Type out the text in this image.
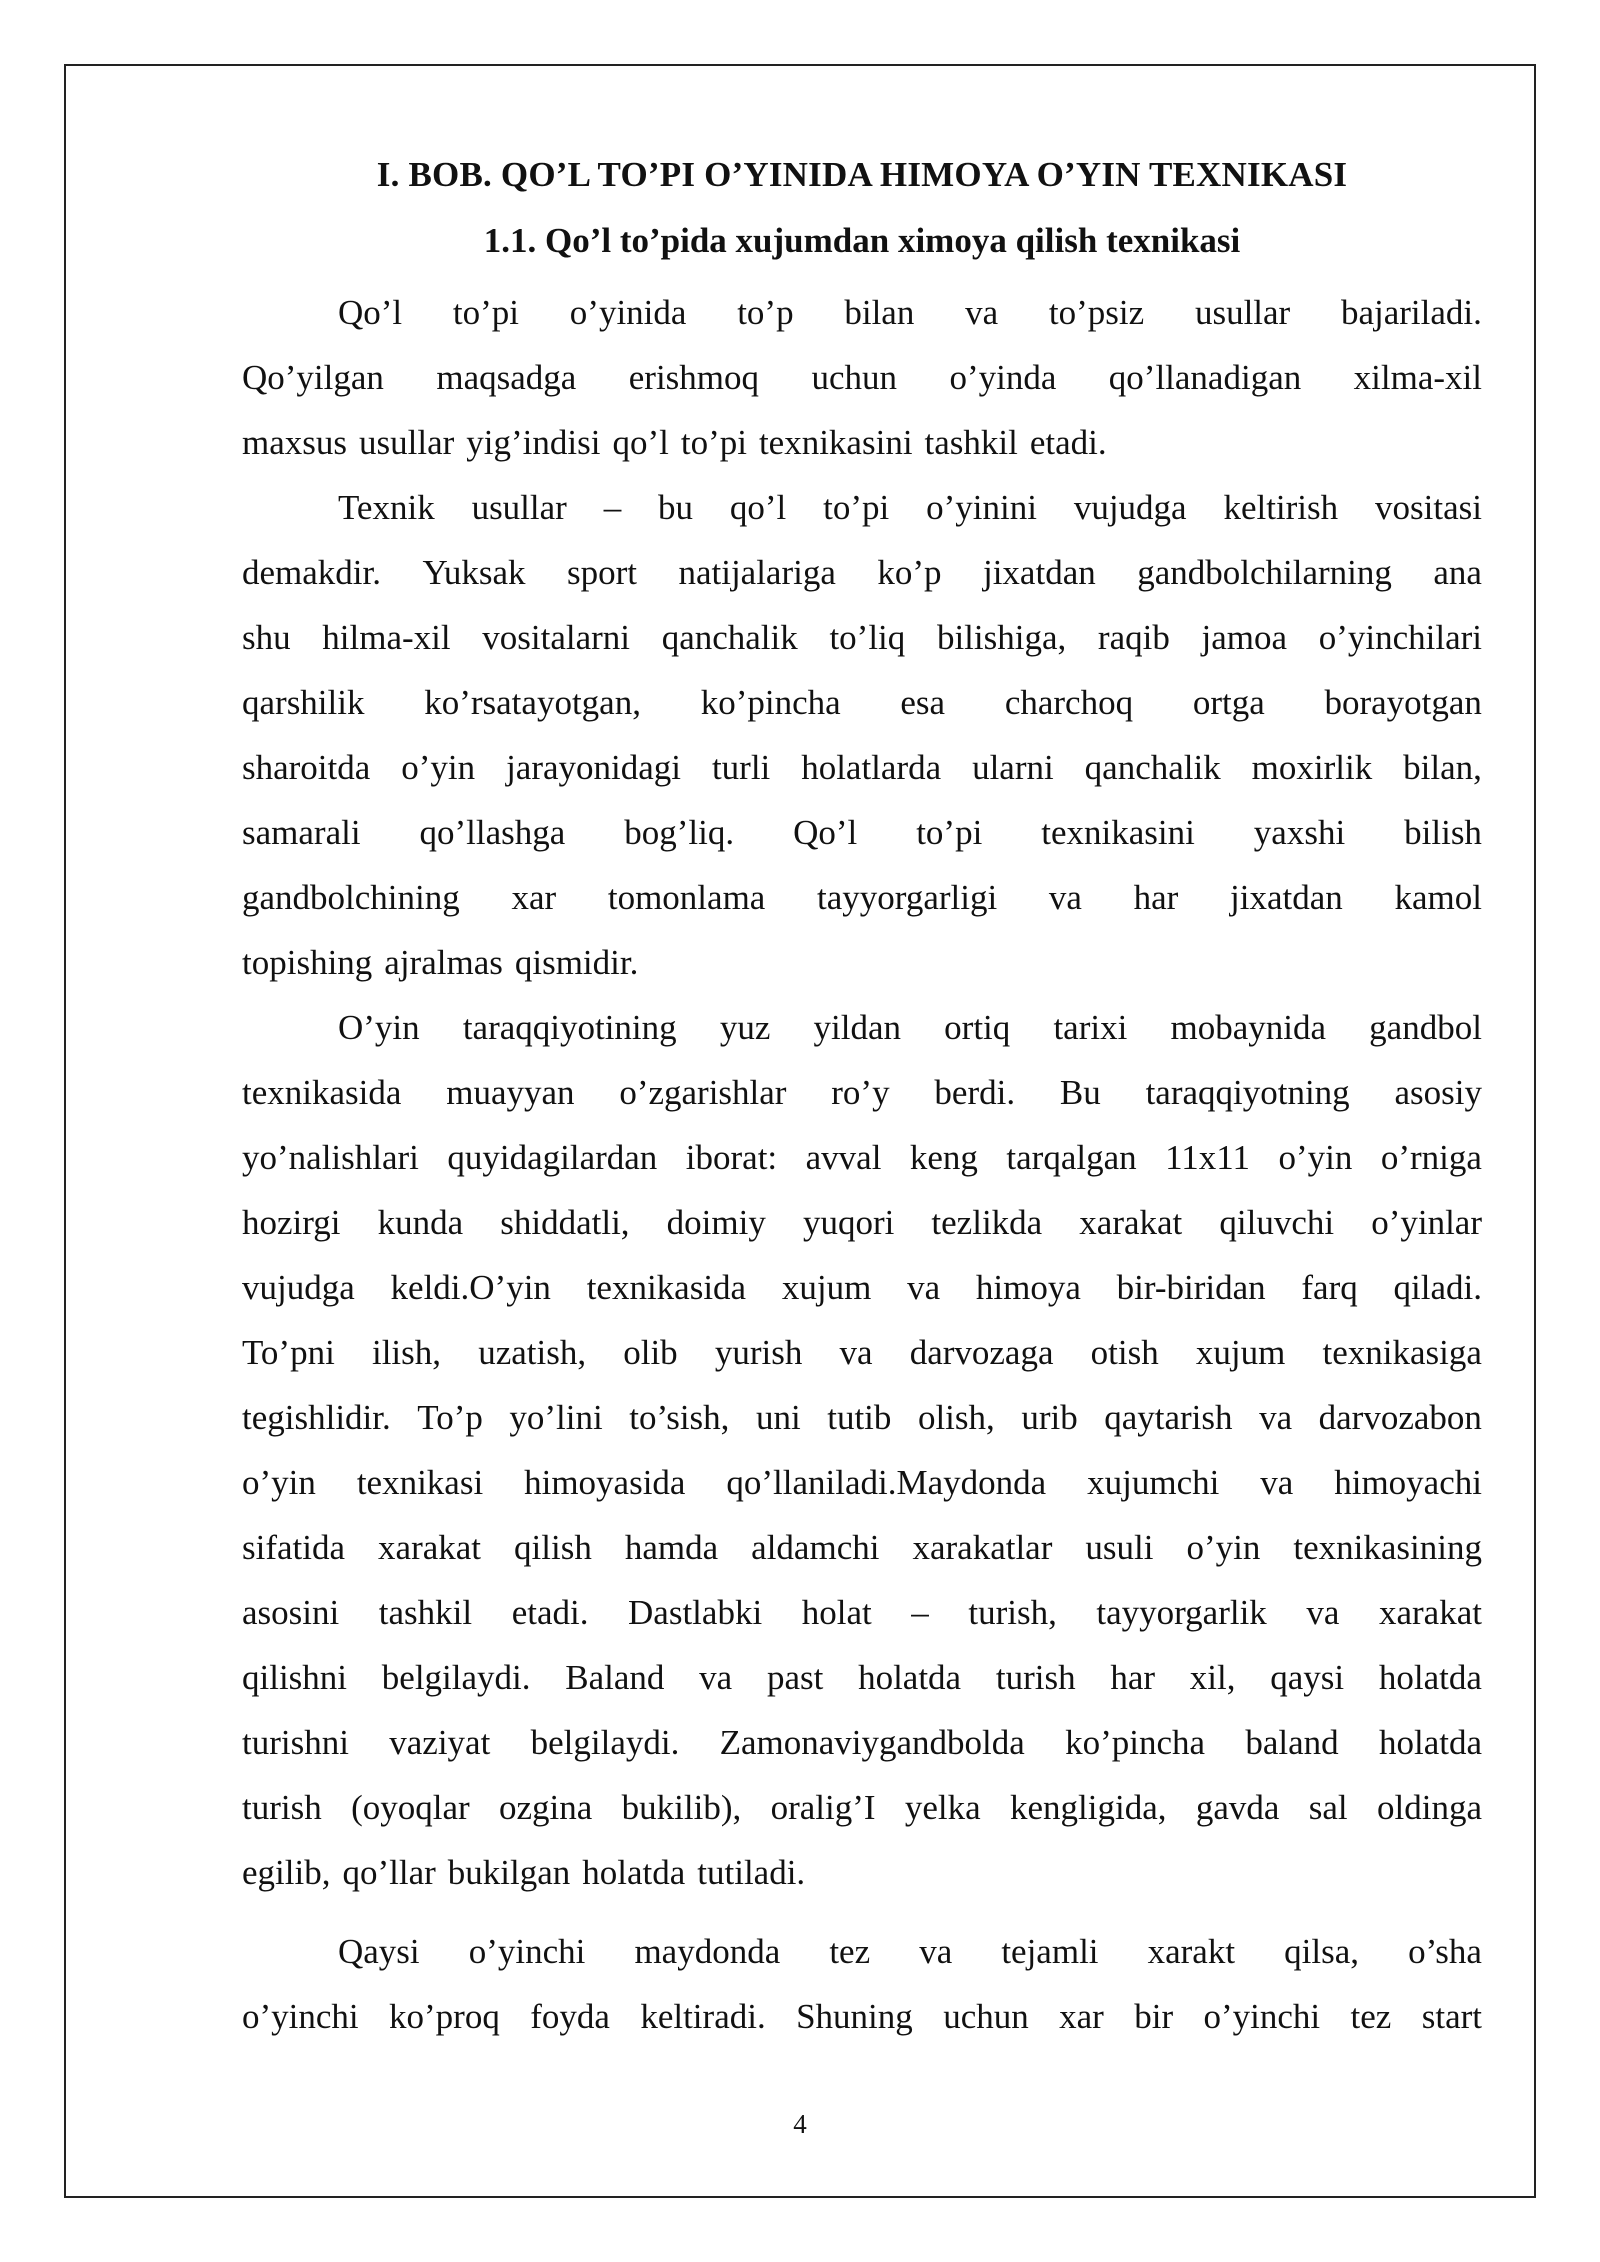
I. BOB. QO’L TO’PI O’YINIDA HIMOYA O’YIN TEXNIKASI
1.1. Qo’l to’pida xujumdan ximoya qilish texnikasi
Qo’l to’pi o’yinida to’p bilan va to’psiz usullar bajariladi.
Qo’yilgan maqsadga erishmoq uchun o’yinda qo’llanadigan xilma-xil
maxsus usullar yig’indisi qo’l to’pi texnikasini tashkil etadi.
Texnik usullar – bu qo’l to’pi o’yinini vujudga keltirish vositasi
demakdir. Yuksak sport natijalariga ko’p jixatdan gandbolchilarning ana
shu hilma-xil vositalarni qanchalik to’liq bilishiga, raqib jamoa o’yinchilari
qarshilik ko’rsatayotgan, ko’pincha esa charchoq ortga borayotgan
sharoitda o’yin jarayonidagi turli holatlarda ularni qanchalik moxirlik bilan,
samarali qo’llashga bog’liq. Qo’l to’pi texnikasini yaxshi bilish
gandbolchining xar tomonlama tayyorgarligi va har jixatdan kamol
topishing ajralmas qismidir.
O’yin taraqqiyotining yuz yildan ortiq tarixi mobaynida gandbol
texnikasida muayyan o’zgarishlar ro’y berdi. Bu taraqqiyotning asosiy
yo’nalishlari quyidagilardan iborat: avval keng tarqalgan 11x11 o’yin o’rniga
hozirgi kunda shiddatli, doimiy yuqori tezlikda xarakat qiluvchi o’yinlar
vujudga keldi.O’yin texnikasida xujum va himoya bir-biridan farq qiladi.
To’pni ilish, uzatish, olib yurish va darvozaga otish xujum texnikasiga
tegishlidir. To’p yo’lini to’sish, uni tutib olish, urib qaytarish va darvozabon
o’yin texnikasi himoyasida qo’llaniladi.Maydonda xujumchi va himoyachi
sifatida xarakat qilish hamda aldamchi xarakatlar usuli o’yin texnikasining
asosini tashkil etadi. Dastlabki holat – turish, tayyorgarlik va xarakat
qilishni belgilaydi. Baland va past holatda turish har xil, qaysi holatda
turishni vaziyat belgilaydi. Zamonaviygandbolda ko’pincha baland holatda
turish (oyoqlar ozgina bukilib), oralig’I yelka kengligida, gavda sal oldinga
egilib, qo’llar bukilgan holatda tutiladi.
Qaysi o’yinchi maydonda tez va tejamli xarakt qilsa, o’sha
o’yinchi ko’proq foyda keltiradi. Shuning uchun xar bir o’yinchi tez start
4
